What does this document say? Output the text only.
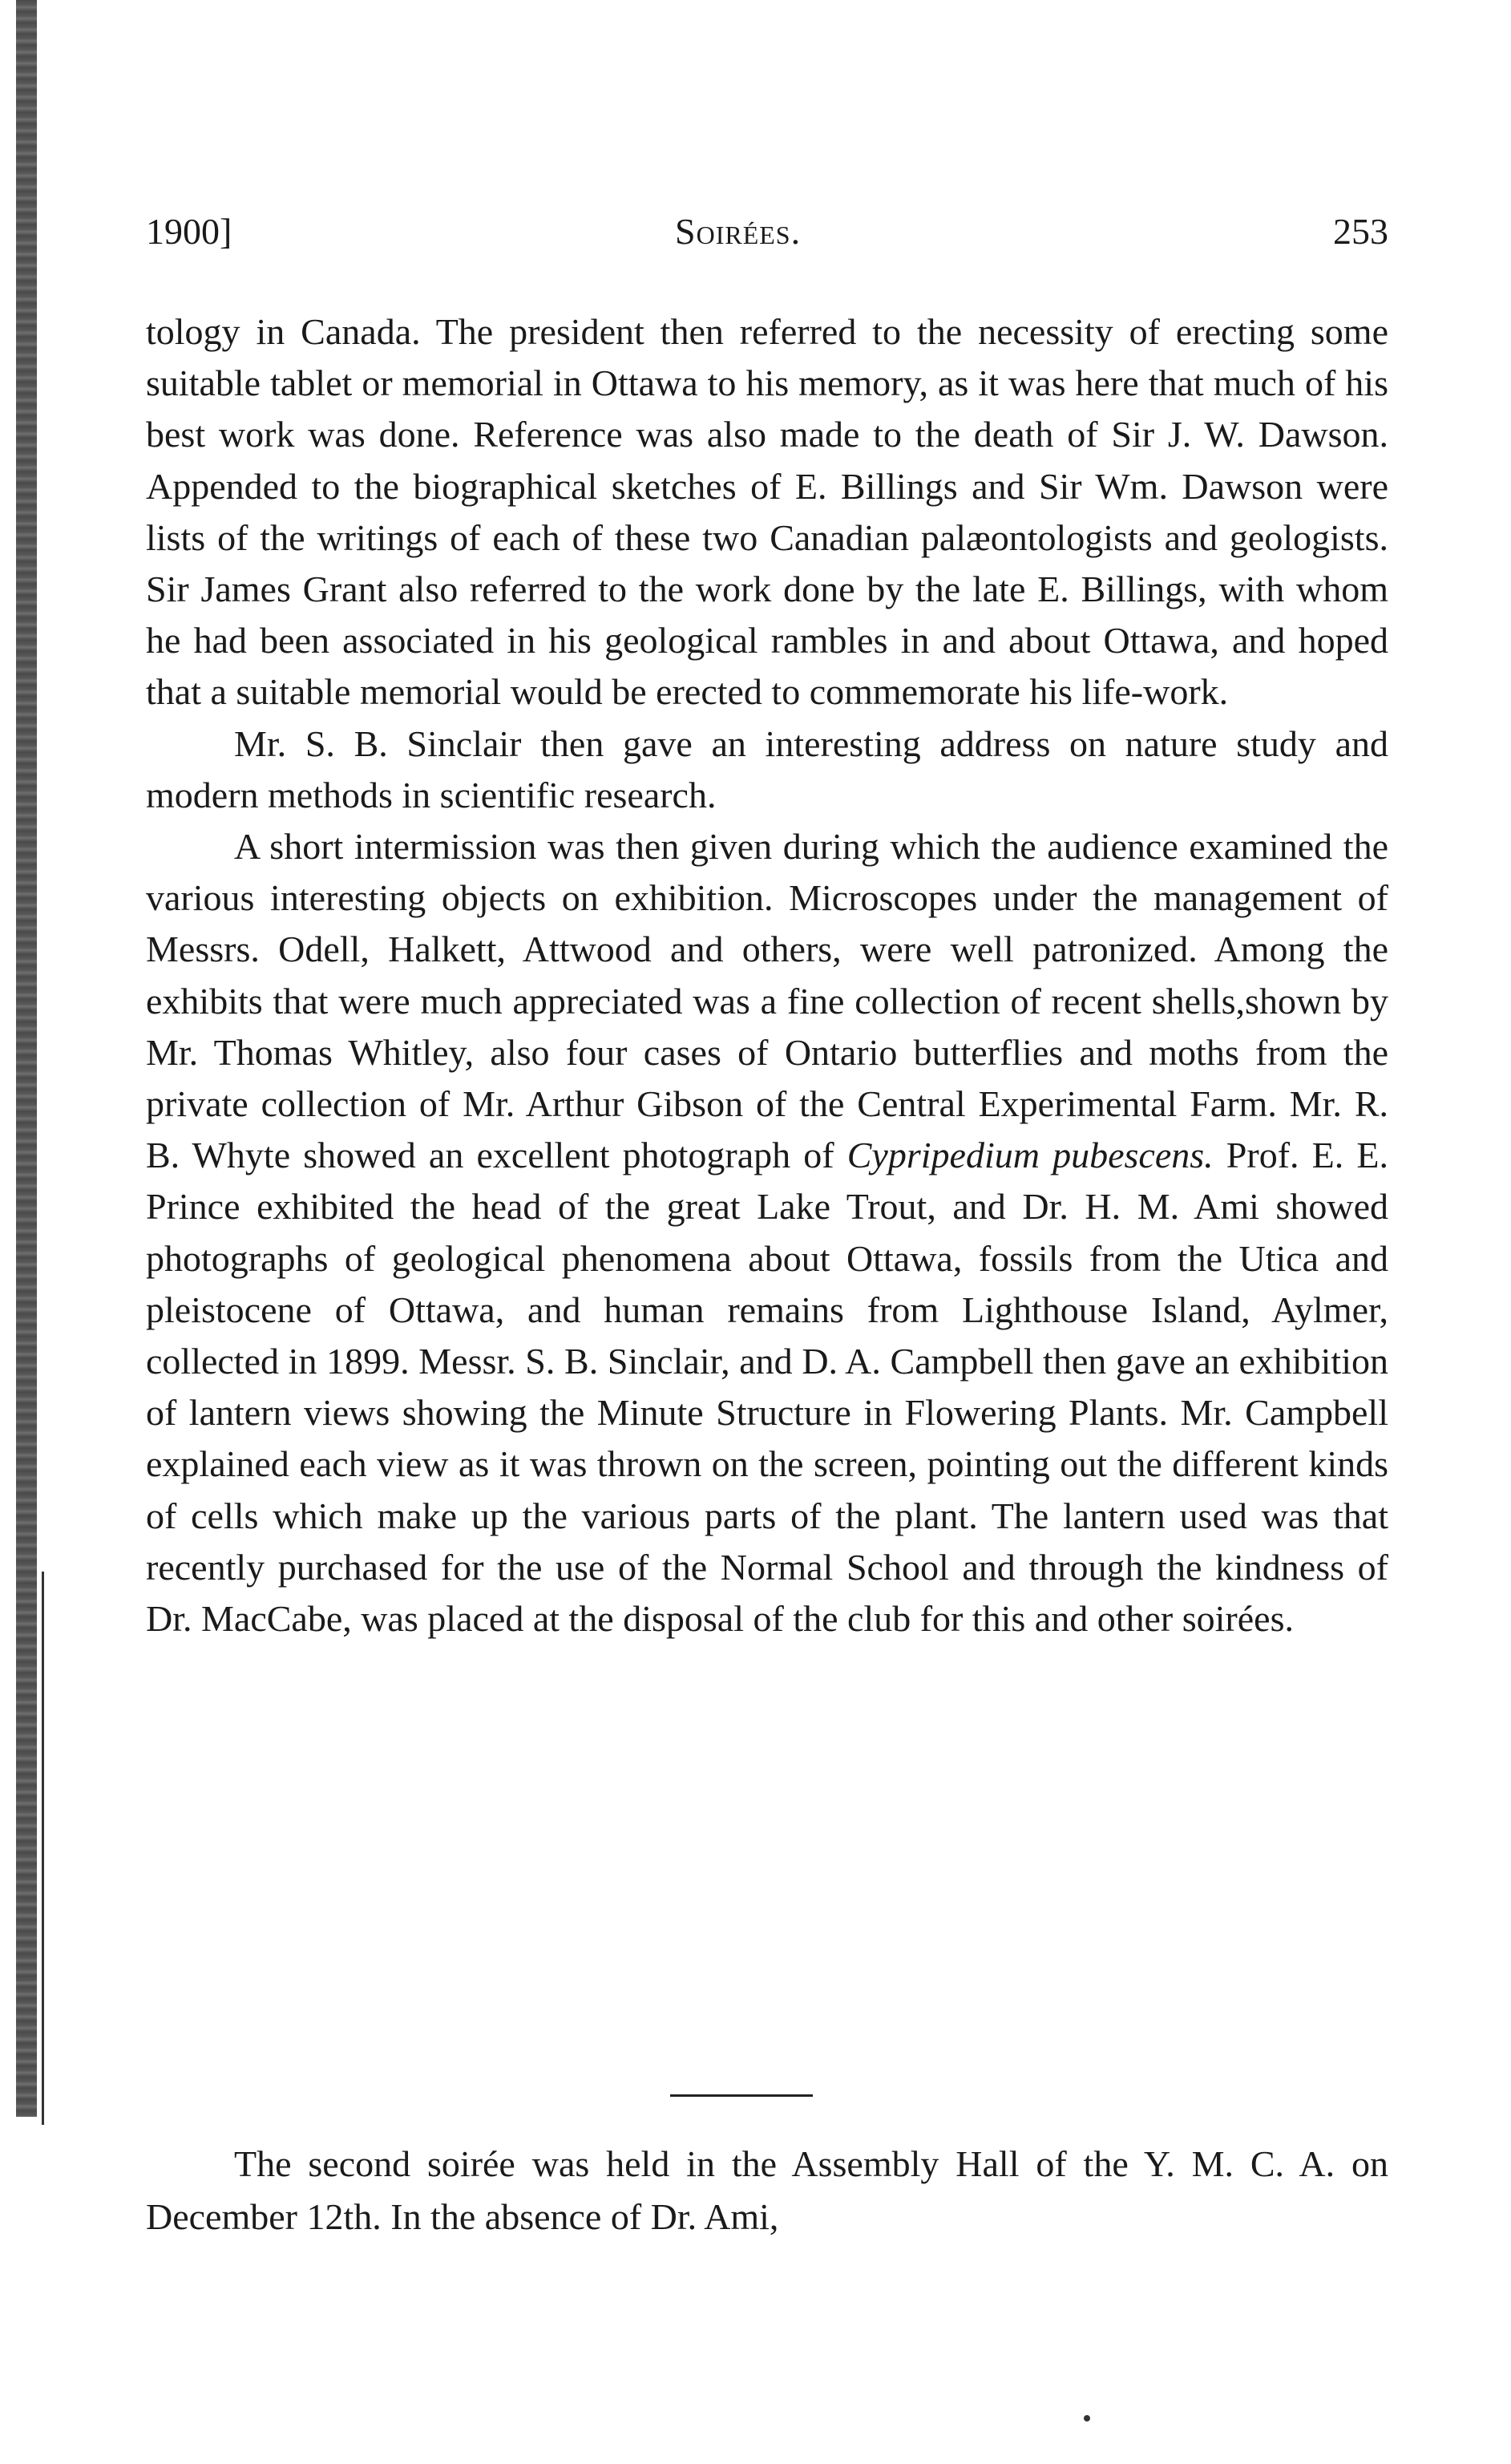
1900]	Soirées.	253

tology in Canada. The president then referred to the necessity of erecting some suitable tablet or memorial in Ottawa to his memory, as it was here that much of his best work was done. Reference was also made to the death of Sir J. W. Dawson. Appended to the biographical sketches of E. Billings and Sir Wm. Dawson were lists of the writings of each of these two Canadian palæontologists and geologists. Sir James Grant also referred to the work done by the late E. Billings, with whom he had been associated in his geological rambles in and about Ottawa, and hoped that a suitable memorial would be erected to commemorate his life-work.

Mr. S. B. Sinclair then gave an interesting address on nature study and modern methods in scientific research.

A short intermission was then given during which the audience examined the various interesting objects on exhibition. Microscopes under the management of Messrs. Odell, Halkett, Attwood and others, were well patronized. Among the exhibits that were much appreciated was a fine collection of recent shells,shown by Mr. Thomas Whitley, also four cases of Ontario butterflies and moths from the private collection of Mr. Arthur Gibson of the Central Experimental Farm. Mr. R. B. Whyte showed an excellent photograph of Cypripedium pubescens. Prof. E. E. Prince exhibited the head of the great Lake Trout, and Dr. H. M. Ami showed photographs of geological phenomena about Ottawa, fossils from the Utica and pleistocene of Ottawa, and human remains from Lighthouse Island, Aylmer, collected in 1899. Messr. S. B. Sinclair, and D. A. Campbell then gave an exhibition of lantern views showing the Minute Structure in Flowering Plants. Mr. Campbell explained each view as it was thrown on the screen, pointing out the different kinds of cells which make up the various parts of the plant. The lantern used was that recently purchased for the use of the Normal School and through the kindness of Dr. MacCabe, was placed at the disposal of the club for this and other soirées.

The second soirée was held in the Assembly Hall of the Y. M. C. A. on December 12th. In the absence of Dr. Ami,
